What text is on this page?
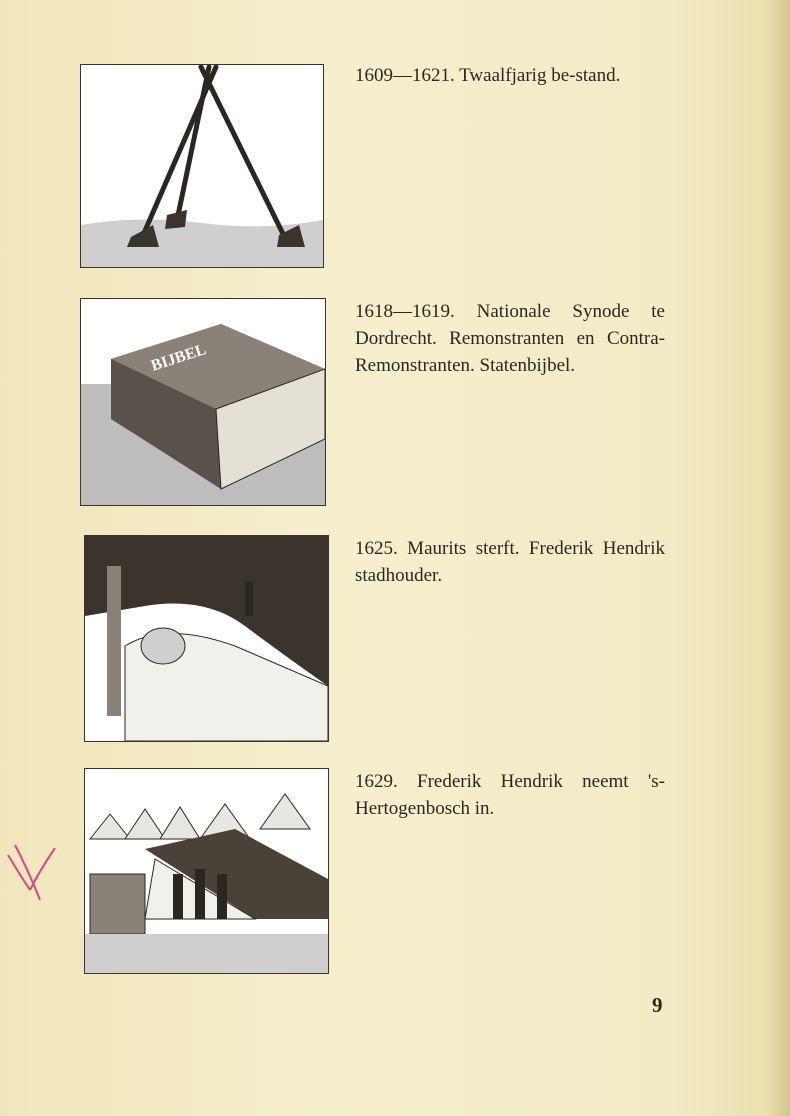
1609—1621. Twaalfjarig be-stand.
BIJBEL
1618—1619. Nationale Synode te Dordrecht. Remonstranten en Contra-Remonstranten. Statenbijbel.
1625. Maurits sterft. Frederik Hendrik stadhouder.
1629. Frederik Hendrik neemt 's-Hertogenbosch in.
9
